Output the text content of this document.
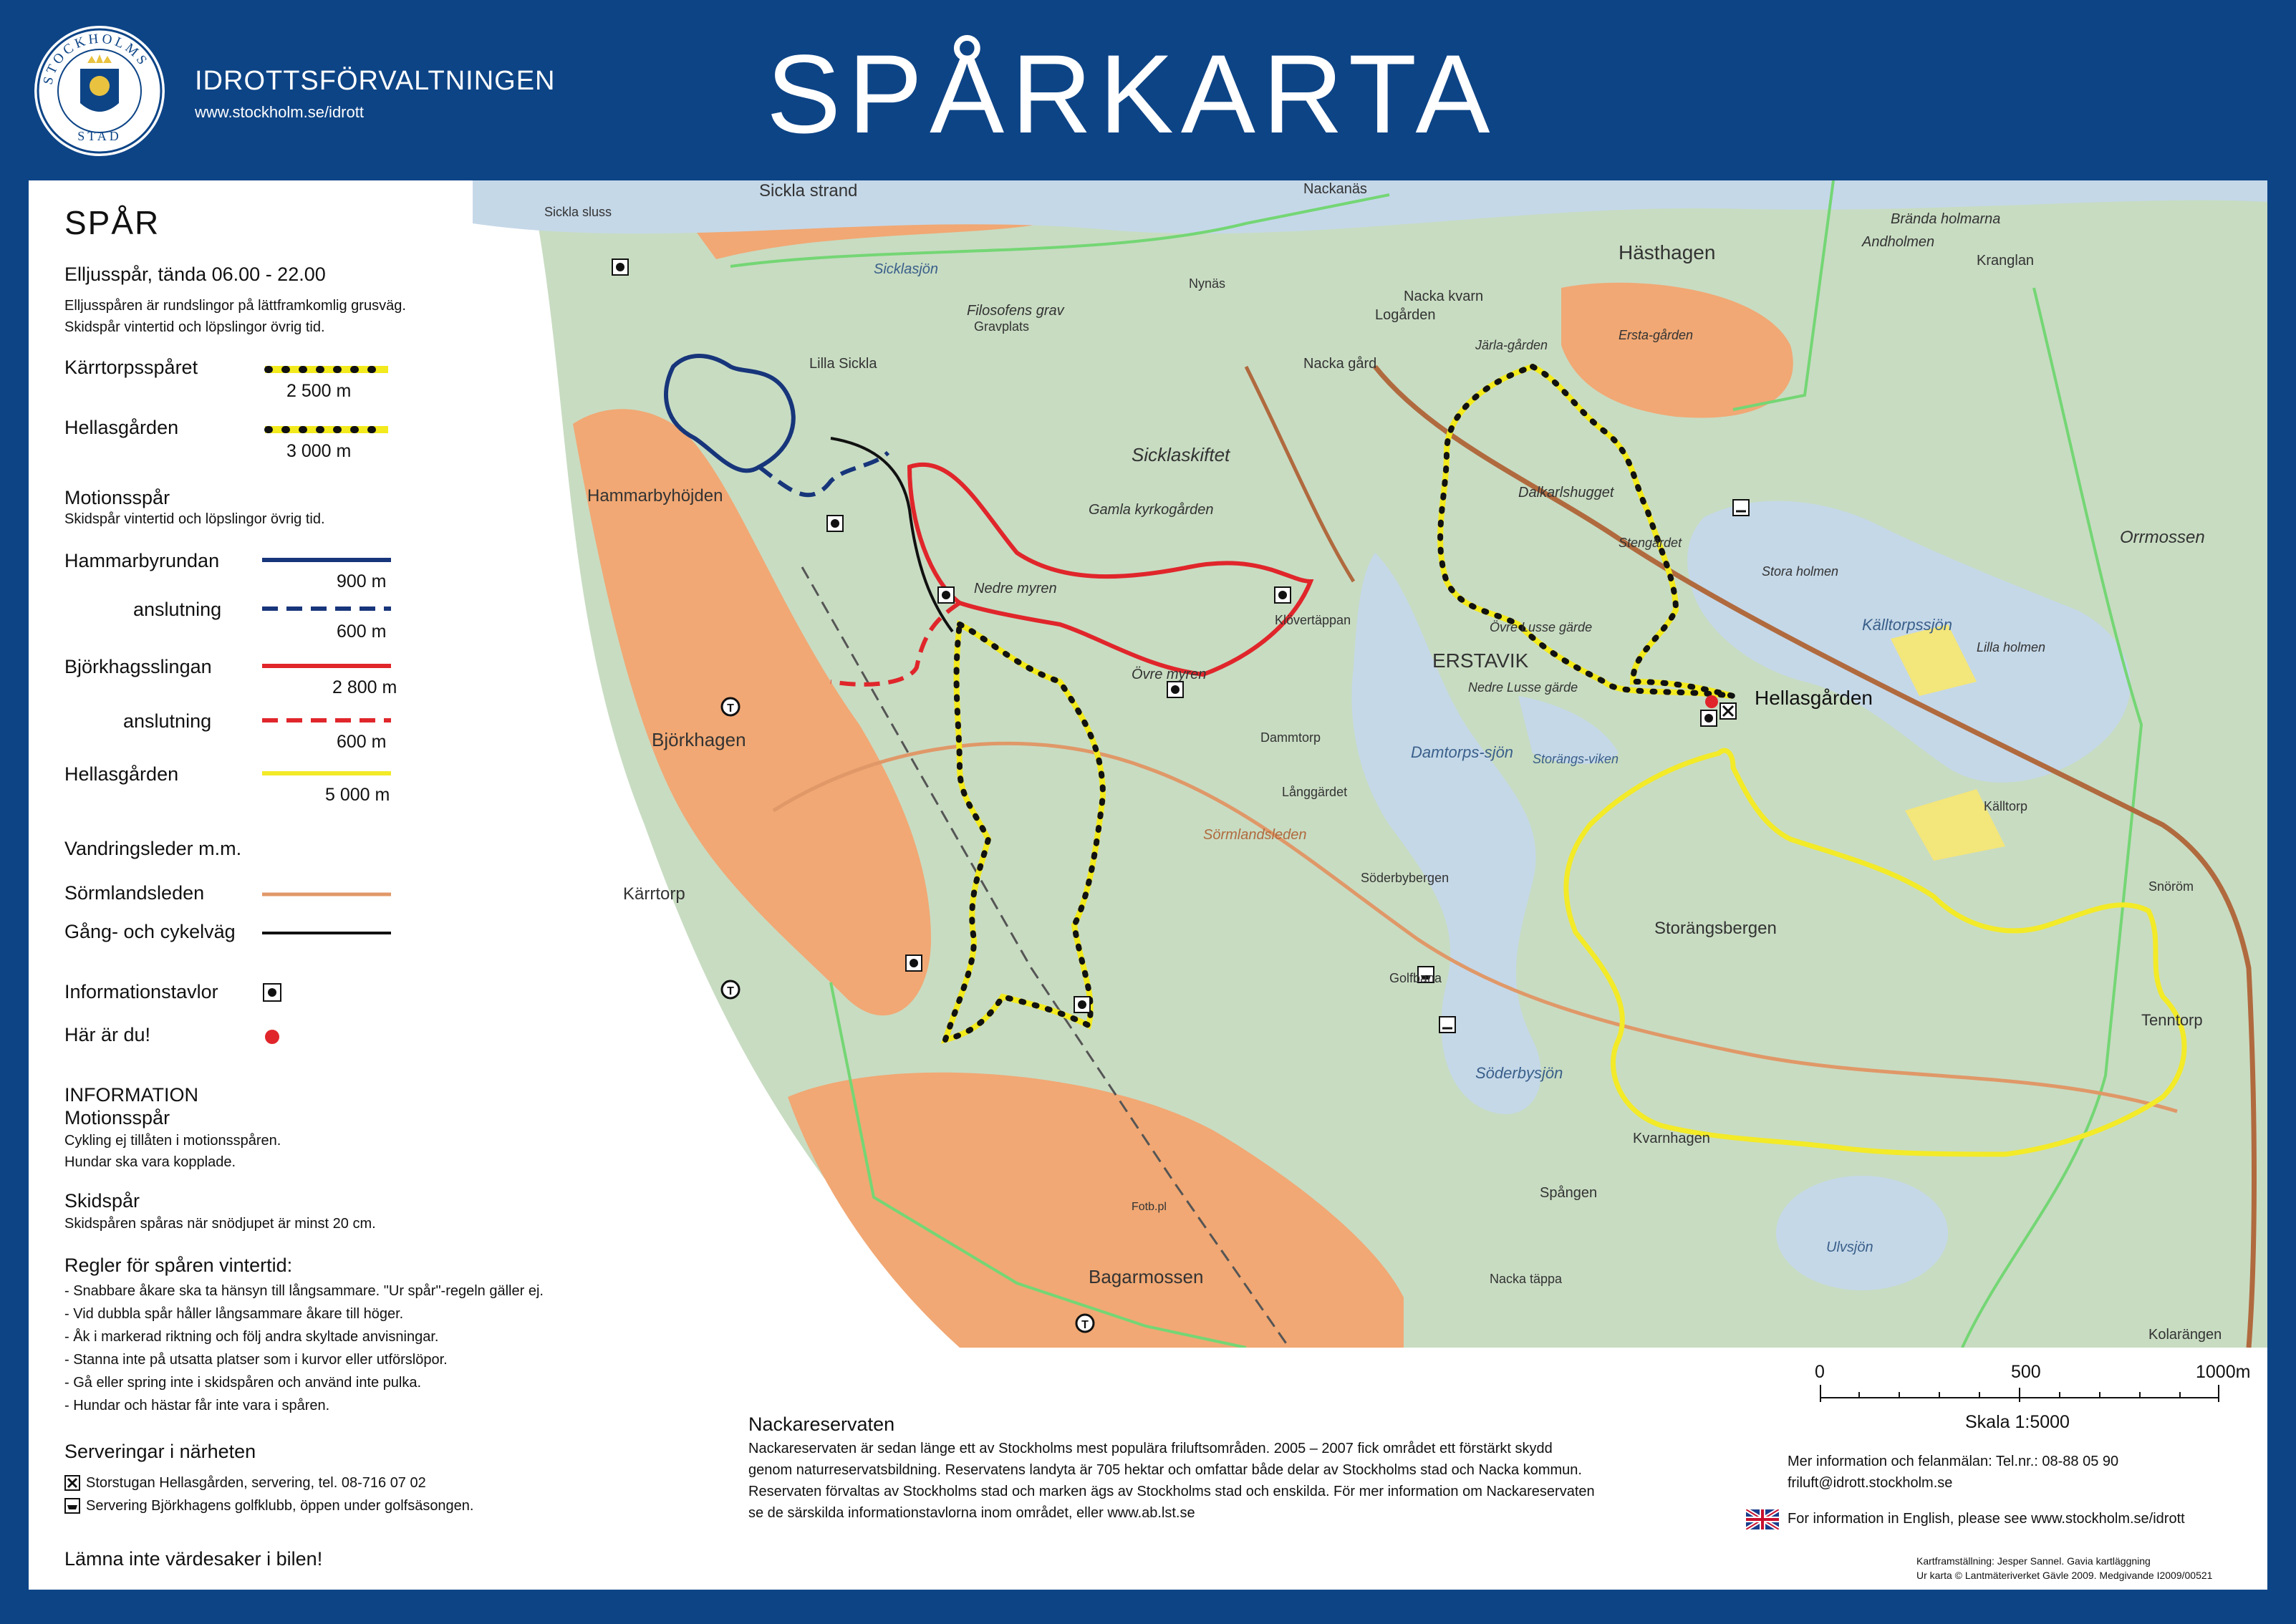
STOCKHOLMS
STAD
IDROTTSFÖRVALTNINGEN
www.stockholm.se/idrott	SPÅRKARTA
T
T
T
Sickla strand
Sickla sluss
Sicklasjön
Nackanäs
Andholmen
Brända holmarna
Hästhagen	Kranglan
Nynäs
Nacka kvarn
Logården
Filosofens grav
Gravplats
Lilla Sickla	Nacka gård
Järla-gården
Ersta-gården
Sicklaskiftet
Gamla kyrkogården
Dalkarlshugget
Stengärdet
Stora holmen
Orrmossen
Hammarbyhöjden
Nedre myren
Övre myren
Klövertäppan
ERSTAVIK
Övre Lusse gärde
Nedre Lusse gärde
Källtorpssjön
Lilla holmen
Hellasgården
Björkhagen	Dammtorp
Damtorps-sjön Storängs-viken
Långgärdet
Källtorp
Sörmlandsleden
Söderbybergen
Snöröm
Kärrtorp
Storängsbergen
Golfbana
Tenntorp
Söderbysjön
Kvarnhagen
Spången
Ulvsjön
Bagarmossen	Nacka täppa
Kolarängen
Fotb.pl
SPÅR
Elljusspår, tända 06.00 - 22.00
Elljusspåren är rundslingor på lättframkomlig grusväg.
Skidspår vintertid och löpslingor övrig tid.
Kärrtorpsspåret
2 500 m
Hellasgården
3 000 m
Motionsspår
Skidspår vintertid och löpslingor övrig tid.
Hammarbyrundan
900 m
anslutning
600 m
Björkhagsslingan
2 800 m
anslutning
600 m
Hellasgården
5 000 m
Vandringsleder m.m.
Sörmlandsleden
Gång- och cykelväg
Informationstavlor
Här är du!
INFORMATION
Motionsspår
Cykling ej tillåten i motionsspåren.
Hundar ska vara kopplade.
Skidspår
Skidspåren spåras när snödjupet är minst 20 cm.
Regler för spåren vintertid:
- Snabbare åkare ska ta hänsyn till långsammare. "Ur spår"-regeln gäller ej.
- Vid dubbla spår håller långsammare åkare till höger.
- Åk i markerad riktning och följ andra skyltade anvisningar.
- Stanna inte på utsatta platser som i kurvor eller utförslöpor.
- Gå eller spring inte i skidspåren och använd inte pulka.
- Hundar och hästar får inte vara i spåren.
Serveringar i närheten
Storstugan Hellasgården, servering, tel. 08-716 07 02
Servering Björkhagens golfklubb, öppen under golfsäsongen.
Lämna inte värdesaker i bilen!
Nackareservaten
Nackareservaten är sedan länge ett av Stockholms mest populära friluftsområden. 2005 – 2007 fick området ett förstärkt skydd
genom naturreservatsbildning. Reservatens landyta är 705 hektar och omfattar både delar av Stockholms stad och Nacka kommun.
Reservaten förvaltas av Stockholms stad och marken ägs av Stockholms stad och enskilda. För mer information om Nackareservaten
se de särskilda informationstavlorna inom området, eller www.ab.lst.se
0	500	1000m
Skala 1:5000
Mer information och felanmälan: Tel.nr.: 08-88 05 90
friluft@idrott.stockholm.se
For information in English, please see www.stockholm.se/idrott
Kartframställning: Jesper Sannel. Gavia kartläggning
Ur karta © Lantmäteriverket Gävle 2009. Medgivande I2009/00521
